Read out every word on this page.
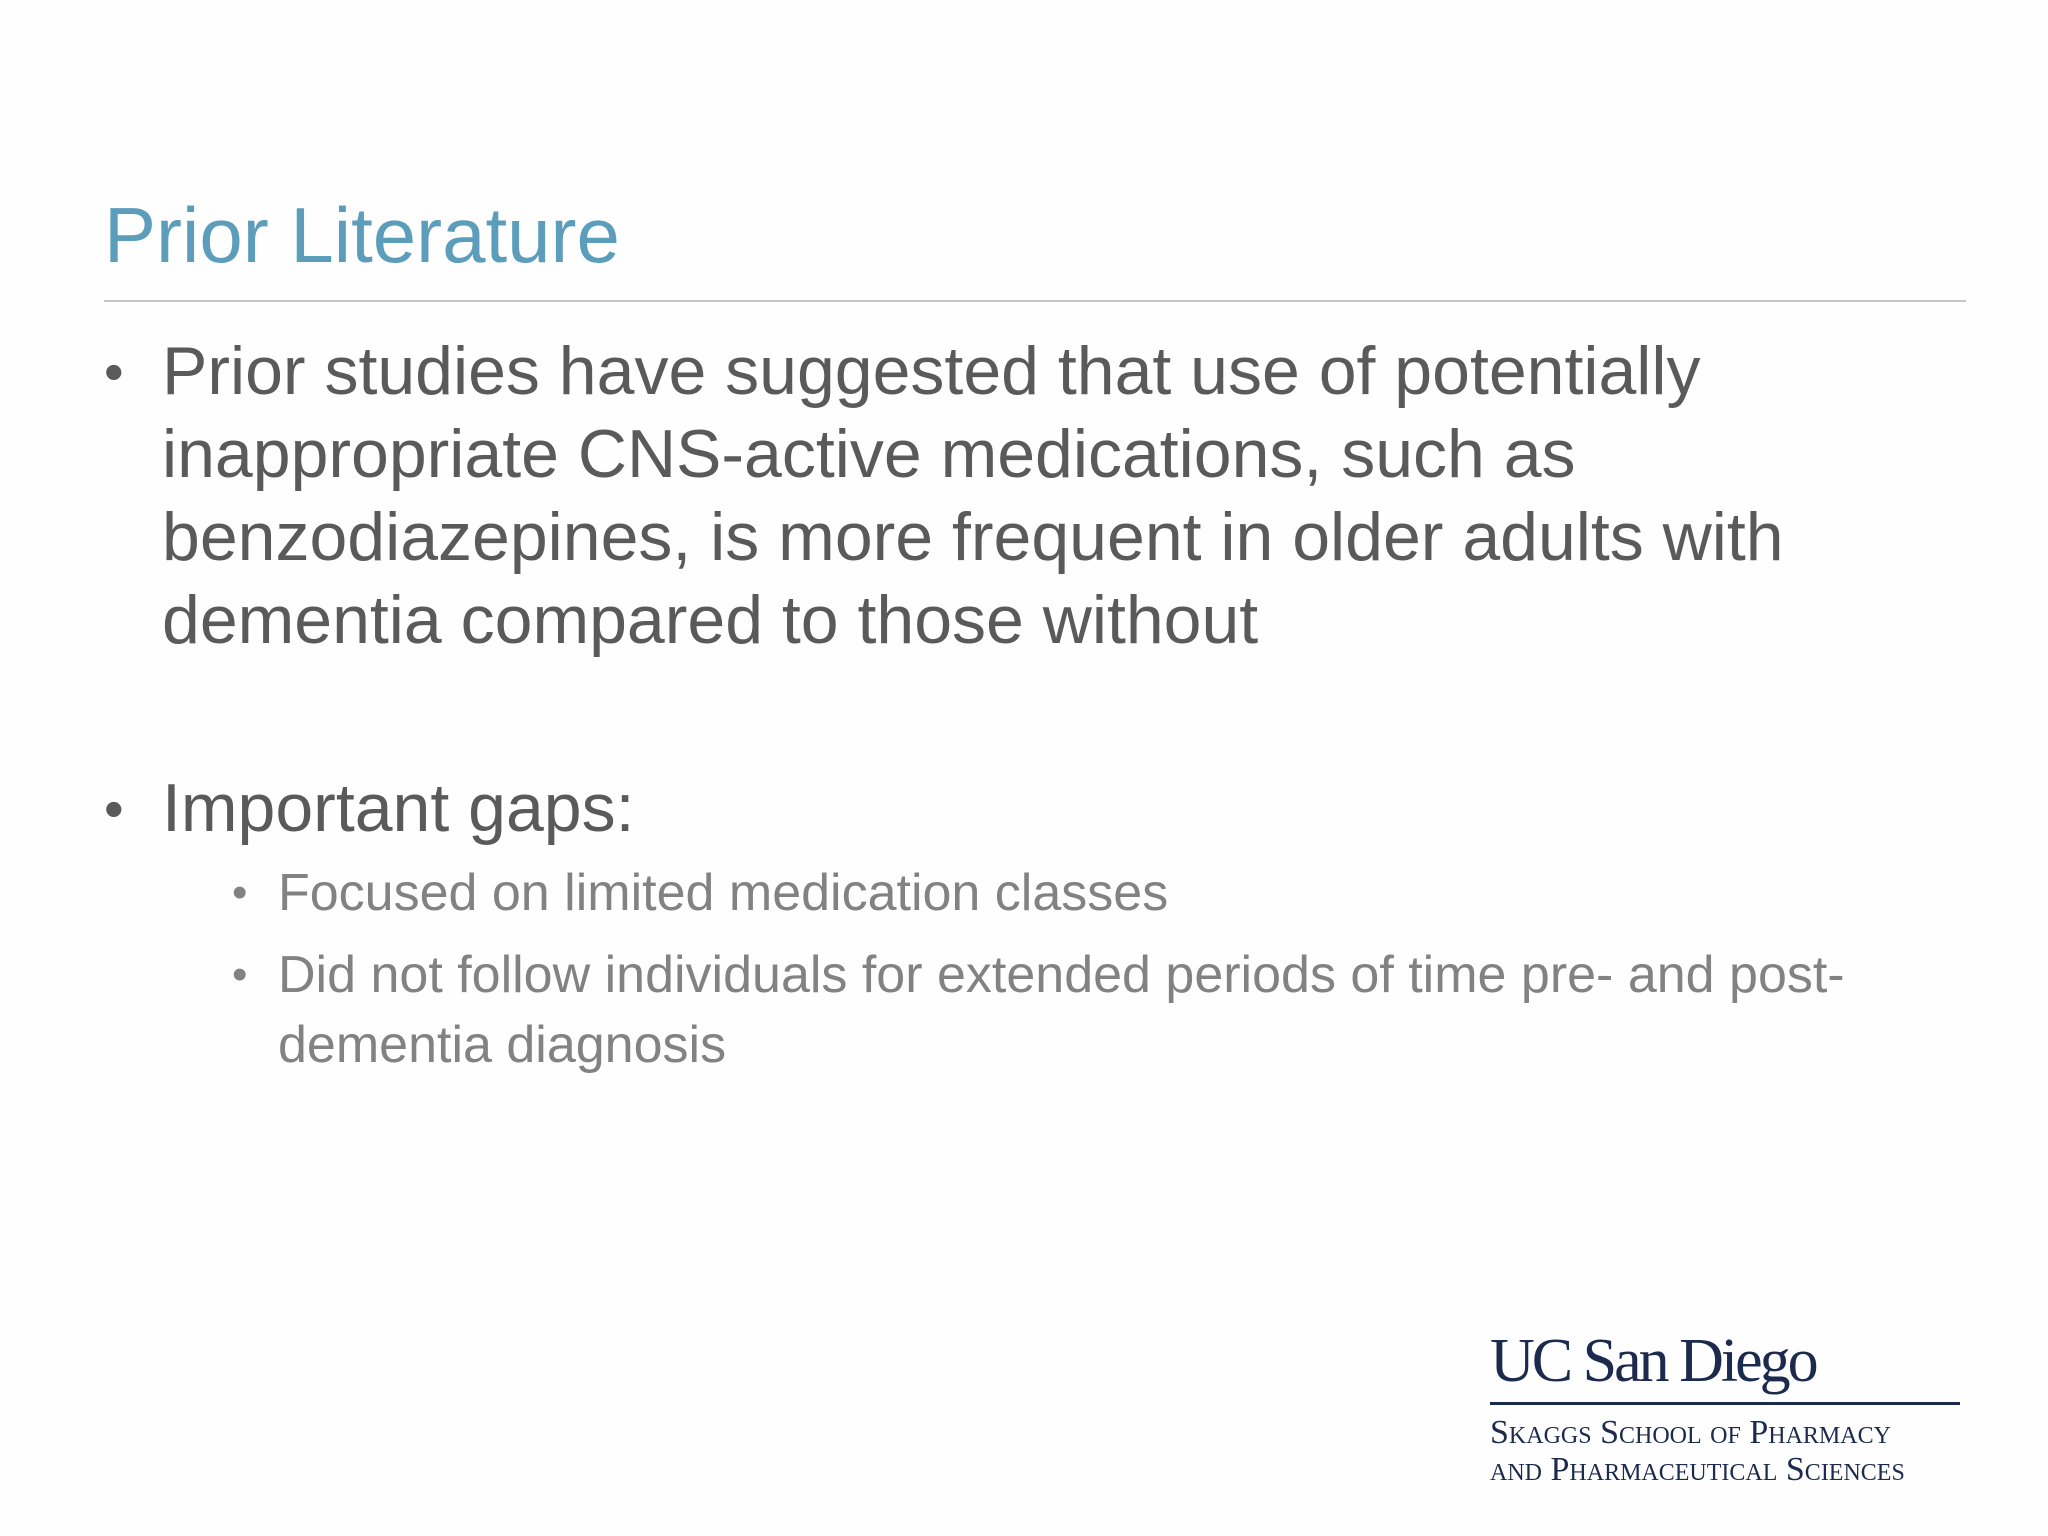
Prior Literature
• Prior studies have suggested that use of potentially inappropriate CNS-active medications, such as benzodiazepines, is more frequent in older adults with dementia compared to those without
• Important gaps:
• Focused on limited medication classes
• Did not follow individuals for extended periods of time pre- and post-dementia diagnosis
UC San Diego
Skaggs School of Pharmacy
and Pharmaceutical Sciences
